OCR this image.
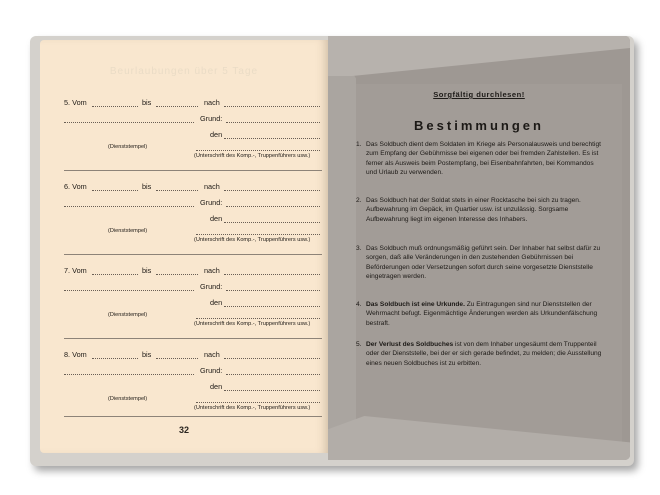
Beurlaubungen über 5 Tage
5. Vom	bis	nach
Grund:
den
(Dienststempel)
(Unterschrift des Komp.-, Truppenführers usw.)
6. Vom	bis	nach
Grund:
den
(Dienststempel)
(Unterschrift des Komp.-, Truppenführers usw.)
7. Vom	bis	nach
Grund:
den
(Dienststempel)
(Unterschrift des Komp.-, Truppenführers usw.)
8. Vom	bis	nach
Grund:
den
(Dienststempel)
(Unterschrift des Komp.-, Truppenführers usw.)
32
Sorgfältig durchlesen!
Bestimmungen
1. Das Soldbuch dient dem Soldaten im Kriege als Personalausweis und berechtigt zum Empfang der Gebührnisse bei eigenen oder bei fremden Zahlstellen. Es ist ferner als Ausweis beim Postempfang, bei Eisenbahnfahrten, bei Kommandos und Urlaub zu verwenden.
2. Das Soldbuch hat der Soldat stets in einer Rocktasche bei sich zu tragen. Aufbewahrung im Gepäck, im Quartier usw. ist unzulässig. Sorgsame Aufbewahrung liegt im eigenen Interesse des Inhabers.
3. Das Soldbuch muß ordnungsmäßig geführt sein. Der Inhaber hat selbst dafür zu sorgen, daß alle Veränderungen in den zustehenden Gebührnissen bei Beförderungen oder Versetzungen sofort durch seine vorgesetzte Dienststelle eingetragen werden.
4. Das Soldbuch ist eine Urkunde. Zu Eintragungen sind nur Dienststellen der Wehrmacht befugt. Eigenmächtige Änderungen werden als Urkundenfälschung bestraft.
5. Der Verlust des Soldbuches ist von dem Inhaber ungesäumt dem Truppenteil oder der Dienststelle, bei der er sich gerade befindet, zu melden; die Ausstellung eines neuen Soldbuches ist zu erbitten.
